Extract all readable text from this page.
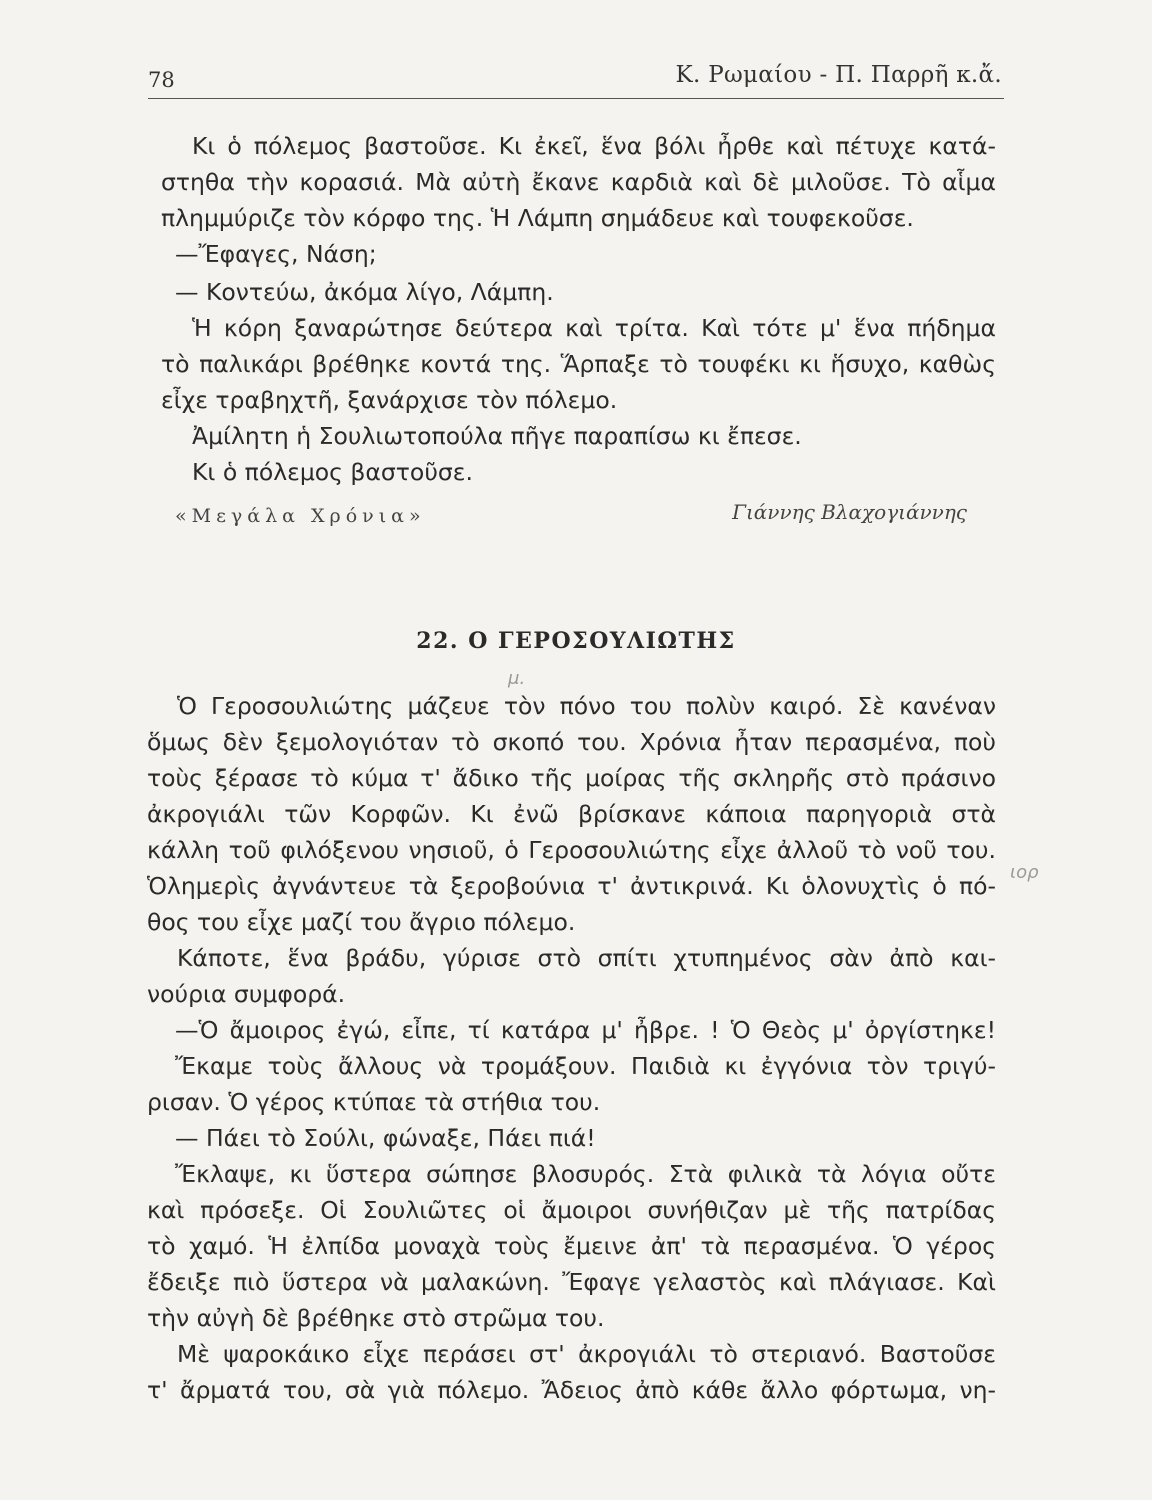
78	Κ. Ρωμαίου - Π. Παρρῆ κ.ἄ.
Κι ὁ πόλεμος βαστοῦσε. Κι ἐκεῖ, ἕνα βόλι ἦρθε καὶ πέτυχε κατά-
στηθα τὴν κορασιά. Μὰ αὐτὴ ἔκανε καρδιὰ καὶ δὲ μιλοῦσε. Τὸ αἷμα
πλημμύριζε τὸν κόρφο της. Ἡ Λάμπη σημάδευε καὶ τουφεκοῦσε.
—Ἔφαγες, Νάση;
— Κοντεύω, ἀκόμα λίγο, Λάμπη.
Ἡ κόρη ξαναρώτησε δεύτερα καὶ τρίτα. Καὶ τότε μ' ἕνα πήδημα
τὸ παλικάρι βρέθηκε κοντά της. Ἅρπαξε τὸ τουφέκι κι ἥσυχο, καθὼς
εἶχε τραβηχτῆ, ξανάρχισε τὸν πόλεμο.
Ἀμίλητη ἡ Σουλιωτοπούλα πῆγε παραπίσω κι ἔπεσε.
Κι ὁ πόλεμος βαστοῦσε.
«Μεγάλα Χρόνια»	Γιάννης Βλαχογιάννης
22. Ο ΓΕΡΟΣΟΥΛΙΩΤΗΣ
Ὁ Γεροσουλιώτης μάζευε τὸν πόνο του πολὺν καιρό. Σὲ κανέναν
ὅμως δὲν ξεμολογιόταν τὸ σκοπό του. Χρόνια ἦταν περασμένα, ποὺ
τοὺς ξέρασε τὸ κύμα τ' ἄδικο τῆς μοίρας τῆς σκληρῆς στὸ πράσινο
ἀκρογιάλι τῶν Κορφῶν. Κι ἐνῶ βρίσκανε κάποια παρηγοριὰ στὰ
κάλλη τοῦ φιλόξενου νησιοῦ, ὁ Γεροσουλιώτης εἶχε ἀλλοῦ τὸ νοῦ του.
Ὁλημερὶς ἀγνάντευε τὰ ξεροβούνια τ' ἀντικρινά. Κι ὁλονυχτὶς ὁ πό-
θος του εἶχε μαζί του ἄγριο πόλεμο.
Κάποτε, ἕνα βράδυ, γύρισε στὸ σπίτι χτυπημένος σὰν ἀπὸ και-
νούρια συμφορά.
—Ὁ ἄμοιρος ἐγώ, εἶπε, τί κατάρα μ' ἦβρε. ! Ὁ Θεὸς μ' ὀργίστηκε!
Ἔκαμε τοὺς ἄλλους νὰ τρομάξουν. Παιδιὰ κι ἐγγόνια τὸν τριγύ-
ρισαν. Ὁ γέρος κτύπαε τὰ στήθια του.
— Πάει τὸ Σούλι, φώναξε, Πάει πιά!
Ἔκλαψε, κι ὕστερα σώπησε βλοσυρός. Στὰ φιλικὰ τὰ λόγια οὔτε
καὶ πρόσεξε. Οἱ Σουλιῶτες οἱ ἄμοιροι συνήθιζαν μὲ τῆς πατρίδας
τὸ χαμό. Ἡ ἐλπίδα μοναχὰ τοὺς ἔμεινε ἀπ' τὰ περασμένα. Ὁ γέρος
ἔδειξε πιὸ ὕστερα νὰ μαλακώνη. Ἔφαγε γελαστὸς καὶ πλάγιασε. Καὶ
τὴν αὐγὴ δὲ βρέθηκε στὸ στρῶμα του.
Μὲ ψαροκάικο εἶχε περάσει στ' ἀκρογιάλι τὸ στεριανό. Βαστοῦσε
τ' ἄρματά του, σὰ γιὰ πόλεμο. Ἄδειος ἀπὸ κάθε ἄλλο φόρτωμα, νη-
μ.
ιορ
